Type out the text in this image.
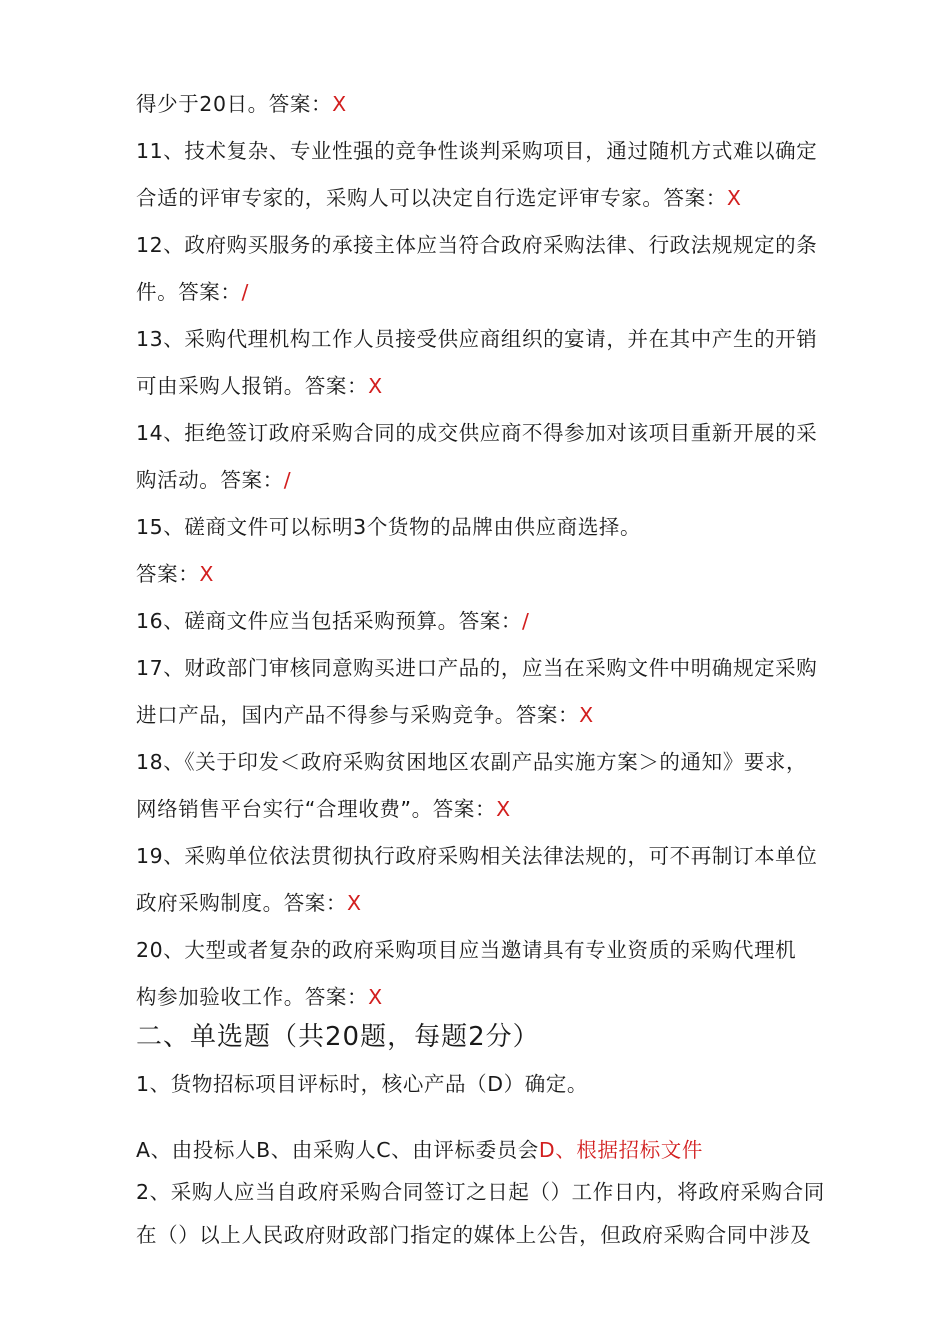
得少于20日。答案：X
11、技术复杂、专业性强的竞争性谈判采购项目，通过随机方式难以确定
合适的评审专家的，采购人可以决定自行选定评审专家。答案：X
12、政府购买服务的承接主体应当符合政府采购法律、行政法规规定的条
件。答案：/
13、采购代理机构工作人员接受供应商组织的宴请，并在其中产生的开销
可由采购人报销。答案：X
14、拒绝签订政府采购合同的成交供应商不得参加对该项目重新开展的采
购活动。答案：/
15、磋商文件可以标明3个货物的品牌由供应商选择。
答案：X
16、磋商文件应当包括采购预算。答案：/
17、财政部门审核同意购买进口产品的，应当在采购文件中明确规定采购
进口产品，国内产品不得参与采购竞争。答案：X
18、《关于印发＜政府采购贫困地区农副产品实施方案＞的通知》要求，
网络销售平台实行“合理收费”。答案：X
19、采购单位依法贯彻执行政府采购相关法律法规的，可不再制订本单位
政府采购制度。答案：X
20、大型或者复杂的政府采购项目应当邀请具有专业资质的采购代理机
构参加验收工作。答案：X
二、单选题（共20题，每题2分）
1、货物招标项目评标时，核心产品（D）确定。
A、由投标人B、由采购人C、由评标委员会D、根据招标文件
2、采购人应当自政府采购合同签订之日起（）工作日内，将政府采购合同
在（）以上人民政府财政部门指定的媒体上公告，但政府采购合同中涉及
